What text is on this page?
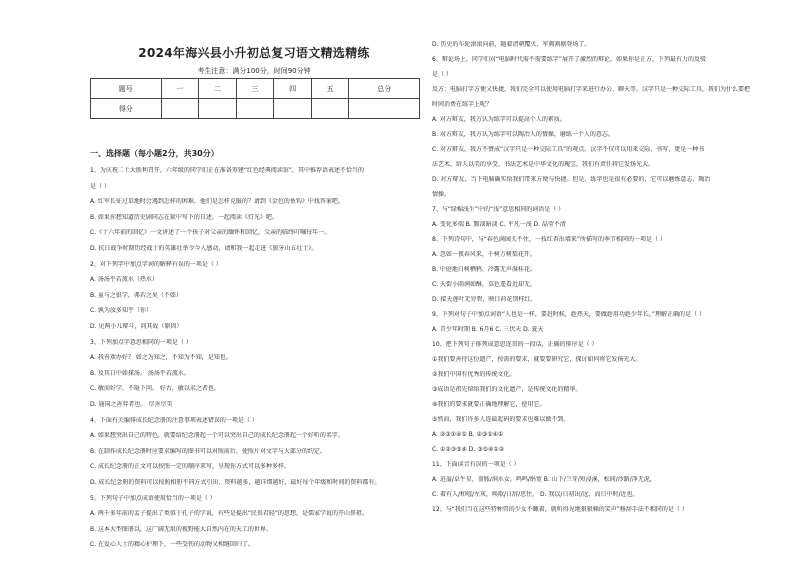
2024年海兴县小升初总复习语文精选精练
考生注意：满分100分，时间90分钟
题号	一	二	三	四	五	总分
得分						
一、选择题（每小题2分，共30分）
1、为庆祝二十大胜利召开，六年级的同学们正在准备筹建“红色经典阅读馆”，其中推荐语表述不恰当的
是（ ）
A. 红军长征过草地时会遇到怎样的困难，他们是怎样克服的？请到《金色的鱼钩》中找答案吧。
B. 如果你想知道历史剧同志在狱中写下的自述，一起阅读《灯光》吧。
C.《十六年前的回忆》一文讲述了一个孩子对父亲的缅怀和回忆，父亲的临终叮嘱每年一。
D. 抗日战争时期历经战士的英雄壮举令今人感动，请和我一起走进《狼牙山五壮士》。
2、对下列字中加点字词的解释有误的一项是（ ）
A. 汤汤乎若流水（热水）
B. 虽与之俱学，弗若之矣（不如）
C. 孰为汝多知乎（你）
D. 见两小儿辩斗，问其故（原因）
3、下列加点字意思相同的一项是（ ）
A. 我善欢办好？ 如之为知之，不知为不知，是知也。
B. 及其日中如探汤。 汤汤乎若流水。
C. 敏而好学，不耻下问。 好古，敏以求之者也。
D. 通国之善弈者也。 尽善尽美
4、下面有关编排成长纪念册的注意事项表述错误的一项是（ ）
A. 如果想突出自己的特色，就要给纪念册起一个可以突出自己的成长纪念册起一个好听的名字。
B. 在制作成长纪念册时应要求编写的图书可以对照前后，使照片对文字与大部分的约定。
C. 成长纪念册的正文可以按照一定的顺序来写，呈现你方式可以多种多样。
D. 成长纪念册的资料可以按照相册不同方式引出，资料越多，越详细越好，最好每个年级和时间的资料都有。
5、下列句子中加点成语使用恰当的一项是（ ）
A. 两千多年前的孟子提出了类似于孔子的学说，有些是提出“民贵君轻”的思想，是儒家学说的开山鼻祖。
B. 这本大型图册以，这广阔无垠的视野能大自然内在的天工的世界。
C. 在爱心人士的精心护理下，一些受伤的动物又相继回归了。
D. 历史的车轮滚滚向前，随着清朝覆灭，军阀割据登场了。
6、辩论场上，同学们对“电脑时代需不需要练字”展开了激烈的辩论，如果你是正方，下列最有力的反驳
是（ ）
反方：电脑打字方便又快捷，我们完全可以使用电脑打字来进行办公、聊天等。汉字只是一种交际工具，我们为什么要把
时间消费在练字上呢？
A. 对方辩友，我方认为练字可以提高个人的素质。
B. 对方辩友，我方认为练字可以陶冶人的情操，磨练一个人的意志。
C. 对方辩友，我方不赞成“汉字只是一种交际工具”的观点。汉字不仅可以用来交际，书写，更是一种书
法艺术，给人以美的享受。书法艺术是中华文化的瑰宝，我们有责任将它发扬光大。
D. 对方辩友，当下电脑确实给我们带来方便与快捷。但是，练字也是很有必要的，它可以磨炼意志，陶冶
情操。
7、与“绿棉浅生”中的“浅”意思相同的词语是（ ）
A. 变化多端 B. 黯淡暗淡 C. 平凡一浅 D. 晶莹不清
8、下列诗句中，与“春色满园关不住，一枝红杏出墙来”所描写的季节相同的一项是（ ）
A. 忽如一夜春风来，千树万树梨花开。
B. 中庭地白树栖鸦，冷露无声湿桂花。
C. 天街小雨润如酥，草色遥看近却无。
D. 接天莲叶无穷碧，映日荷花别样红。
9、下列对句子中加点词语“人也是一样，要赶时候，趁热天，要做趁用功趁少年长。”理解正确的是（ ）
A. 青少年时期 B. 6月6 C. 三伏天 D. 夏天
10、把下列句子排列成意思连贯的一段话，正确的排序是（ ）
①我们要善待这份遗产，按需的要求，就要要研究它，探讨如何将它发扬光大。
②我们中国有优秀的传统文化。
③成语是祖先留给我们的文化遗产，是传统文化的精华。
④我们的要求就要正确地理解它，使用它。
⑤然而，我们许多人连最起码的要求也难以做不到。
A. ②③①④⑤ B. ②③⑤④①
C. ①②③⑤④ D. ③⑤④①②
11、下面读音有误的一项是（ ）
A. 迸溢/卓牛星，啬脓/洞水女，鸣鸣/绢宽 B. 山下/兰芽/短浸溪，松间/沙路/净无泥，
C. 着有人/和嘻/左灰，唤歇/日辞/思往， D. 我以/日初出/远，而日中时/近也。
12、与“我们当在这些特种兽的少女不瞰着，就听得见地狠狠赖的笑声”修辞手法不相同的是（ ）
